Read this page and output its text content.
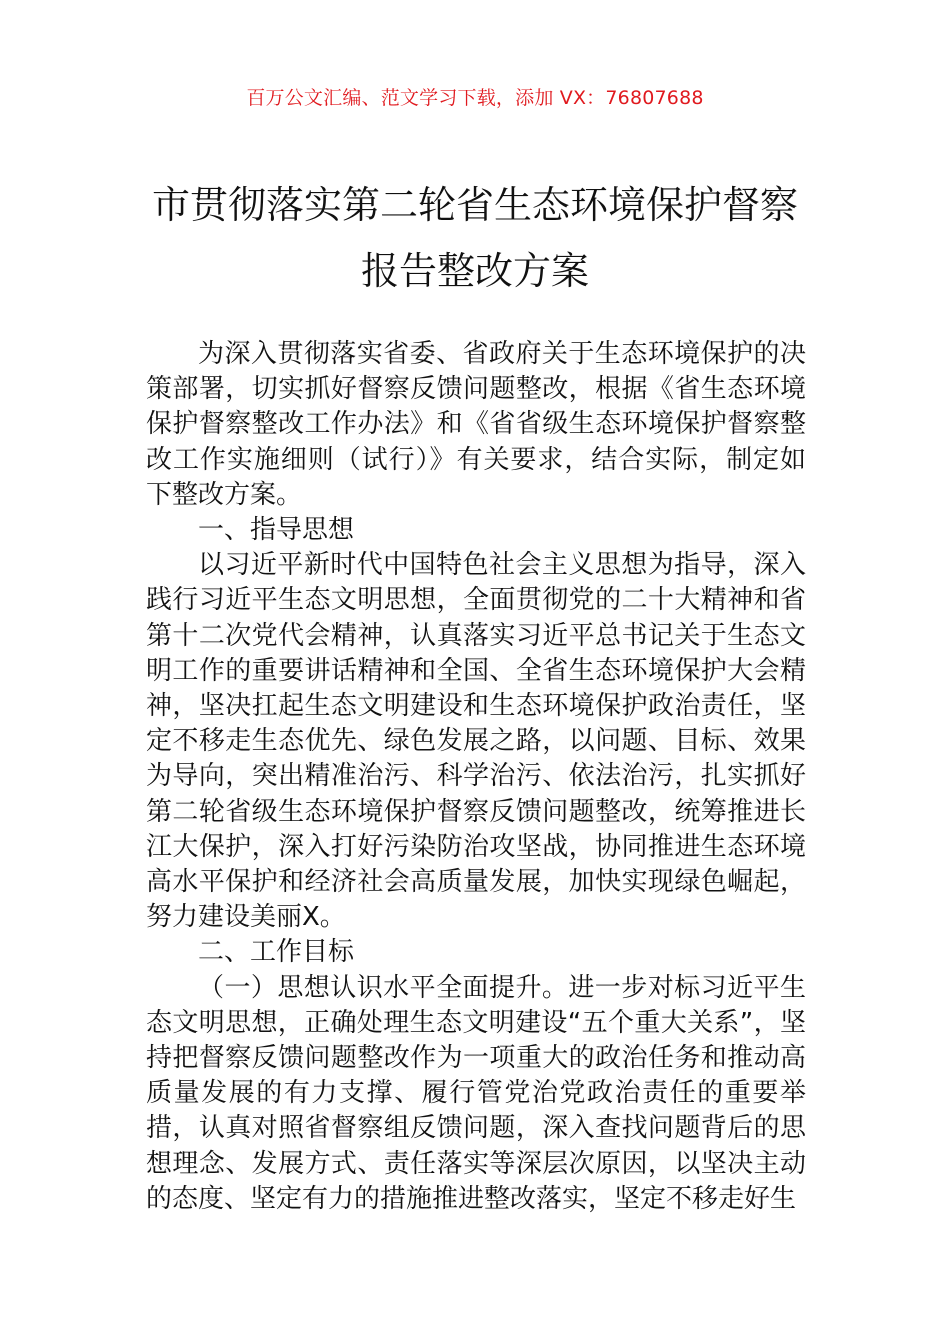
百万公文汇编、范文学习下载，添加 VX：76807688
市贯彻落实第二轮省生态环境保护督察报告整改方案

为深入贯彻落实省委、省政府关于生态环境保护的决策部署，切实抓好督察反馈问题整改，根据《省生态环境保护督察整改工作办法》和《省省级生态环境保护督察整改工作实施细则（试行）》有关要求，结合实际，制定如下整改方案。

一、指导思想

以习近平新时代中国特色社会主义思想为指导，深入践行习近平生态文明思想，全面贯彻党的二十大精神和省第十二次党代会精神，认真落实习近平总书记关于生态文明工作的重要讲话精神和全国、全省生态环境保护大会精神，坚决扛起生态文明建设和生态环境保护政治责任，坚定不移走生态优先、绿色发展之路，以问题、目标、效果为导向，突出精准治污、科学治污、依法治污，扎实抓好第二轮省级生态环境保护督察反馈问题整改，统筹推进长江大保护，深入打好污染防治攻坚战，协同推进生态环境高水平保护和经济社会高质量发展，加快实现绿色崛起，努力建设美丽X。

二、工作目标

（一）思想认识水平全面提升。进一步对标习近平生态文明思想，正确处理生态文明建设“五个重大关系”，坚持把督察反馈问题整改作为一项重大的政治任务和推动高质量发展的有力支撑、履行管党治党政治责任的重要举措，认真对照省督察组反馈问题，深入查找问题背后的思想理念、发展方式、责任落实等深层次原因，以坚决主动的态度、坚定有力的措施推进整改落实，坚定不移走好生
